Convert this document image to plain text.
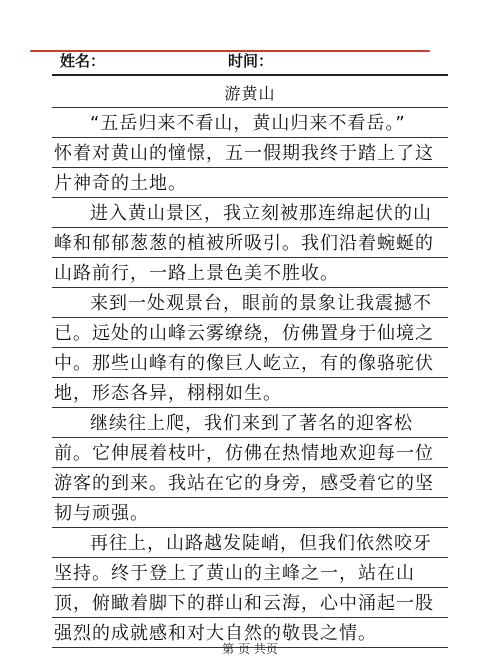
姓名：	时间：
游黄山
“五岳归来不看山，黄山归来不看岳。”
怀着对黄山的憧憬，五一假期我终于踏上了这
片神奇的土地。
进入黄山景区，我立刻被那连绵起伏的山
峰和郁郁葱葱的植被所吸引。我们沿着蜿蜒的
山路前行，一路上景色美不胜收。
来到一处观景台，眼前的景象让我震撼不
已。远处的山峰云雾缭绕，仿佛置身于仙境之
中。那些山峰有的像巨人屹立，有的像骆驼伏
地，形态各异，栩栩如生。
继续往上爬，我们来到了著名的迎客松
前。它伸展着枝叶，仿佛在热情地欢迎每一位
游客的到来。我站在它的身旁，感受着它的坚
韧与顽强。
再往上，山路越发陡峭，但我们依然咬牙
坚持。终于登上了黄山的主峰之一，站在山
顶，俯瞰着脚下的群山和云海，心中涌起一股
强烈的成就感和对大自然的敬畏之情。
第 页 共页
